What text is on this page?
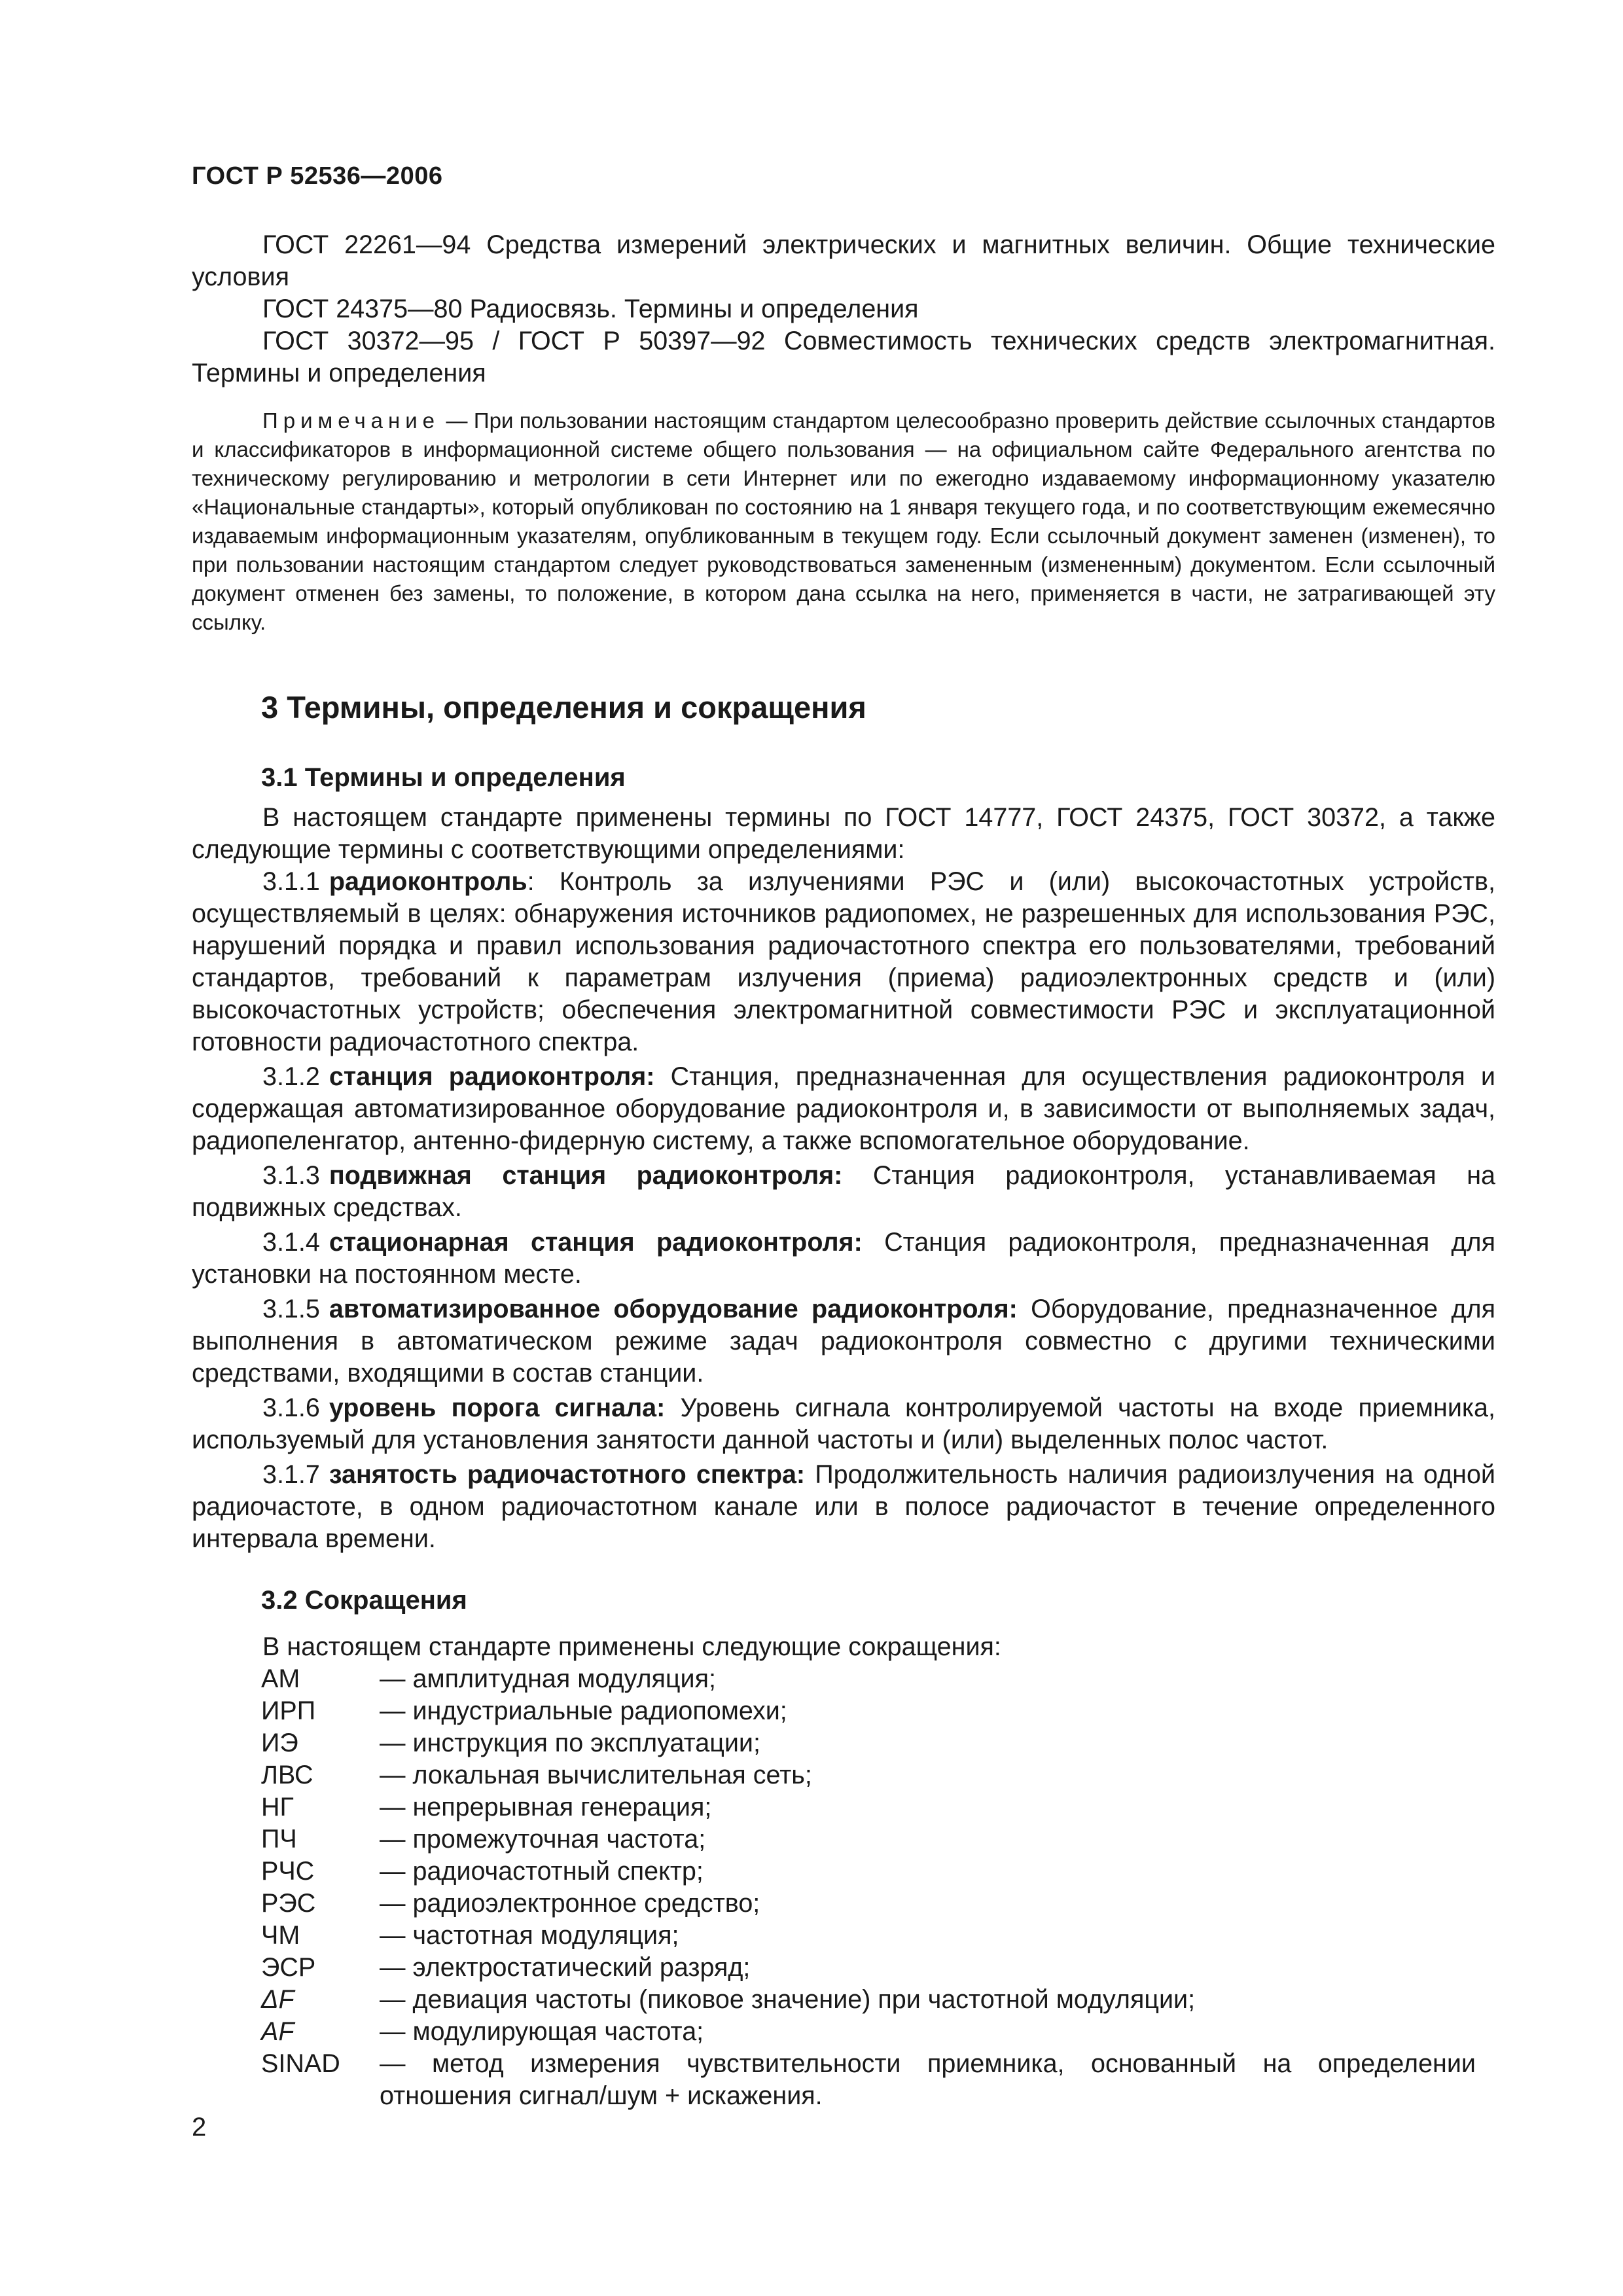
ГОСТ Р 52536—2006

ГОСТ 22261—94 Средства измерений электрических и магнитных величин. Общие технические условия

ГОСТ 24375—80 Радиосвязь. Термины и определения

ГОСТ 30372—95 / ГОСТ Р 50397—92 Совместимость технических средств электромагнитная. Термины и определения

Примечание — При пользовании настоящим стандартом целесообразно проверить действие ссылочных стандартов и классификаторов в информационной системе общего пользования — на официальном сайте Федерального агентства по техническому регулированию и метрологии в сети Интернет или по ежегодно издаваемому информационному указателю «Национальные стандарты», который опубликован по состоянию на 1 января текущего года, и по соответствующим ежемесячно издаваемым информационным указателям, опубликованным в текущем году. Если ссылочный документ заменен (изменен), то при пользовании настоящим стандартом следует руководствоваться замененным (измененным) документом. Если ссылочный документ отменен без замены, то положение, в котором дана ссылка на него, применяется в части, не затрагивающей эту ссылку.

3 Термины, определения и сокращения
3.1 Термины и определения

В настоящем стандарте применены термины по ГОСТ 14777, ГОСТ 24375, ГОСТ 30372, а также следующие термины с соответствующими определениями:

3.1.1 радиоконтроль: Контроль за излучениями РЭС и (или) высокочастотных устройств, осуществляемый в целях: обнаружения источников радиопомех, не разрешенных для использования РЭС, нарушений порядка и правил использования радиочастотного спектра его пользователями, требований стандартов, требований к параметрам излучения (приема) радиоэлектронных средств и (или) высокочастотных устройств; обеспечения электромагнитной совместимости РЭС и эксплуатационной готовности радиочастотного спектра.

3.1.2 станция радиоконтроля: Станция, предназначенная для осуществления радиоконтроля и содержащая автоматизированное оборудование радиоконтроля и, в зависимости от выполняемых задач, радиопеленгатор, антенно-фидерную систему, а также вспомогательное оборудование.

3.1.3 подвижная станция радиоконтроля: Станция радиоконтроля, устанавливаемая на подвижных средствах.

3.1.4 стационарная станция радиоконтроля: Станция радиоконтроля, предназначенная для установки на постоянном месте.

3.1.5 автоматизированное оборудование радиоконтроля: Оборудование, предназначенное для выполнения в автоматическом режиме задач радиоконтроля совместно с другими техническими средствами, входящими в состав станции.

3.1.6 уровень порога сигнала: Уровень сигнала контролируемой частоты на входе приемника, используемый для установления занятости данной частоты и (или) выделенных полос частот.

3.1.7 занятость радиочастотного спектра: Продолжительность наличия радиоизлучения на одной радиочастоте, в одном радиочастотном канале или в полосе радиочастот в течение определенного интервала времени.

3.2 Сокращения

В настоящем стандарте применены следующие сокращения:

АМ	— амплитудная модуляция;
ИРП	— индустриальные радиопомехи;
ИЭ	— инструкция по эксплуатации;
ЛВС	— локальная вычислительная сеть;
НГ	— непрерывная генерация;
ПЧ	— промежуточная частота;
РЧС	— радиочастотный спектр;
РЭС	— радиоэлектронное средство;
ЧМ	— частотная модуляция;
ЭСР	— электростатический разряд;
ΔF	— девиация частоты (пиковое значение) при частотной модуляции;
AF	— модулирующая частота;
SINAD	— метод измерения чувствительности приемника, основанный на определении отношения сигнал/шум + искажения.
2
